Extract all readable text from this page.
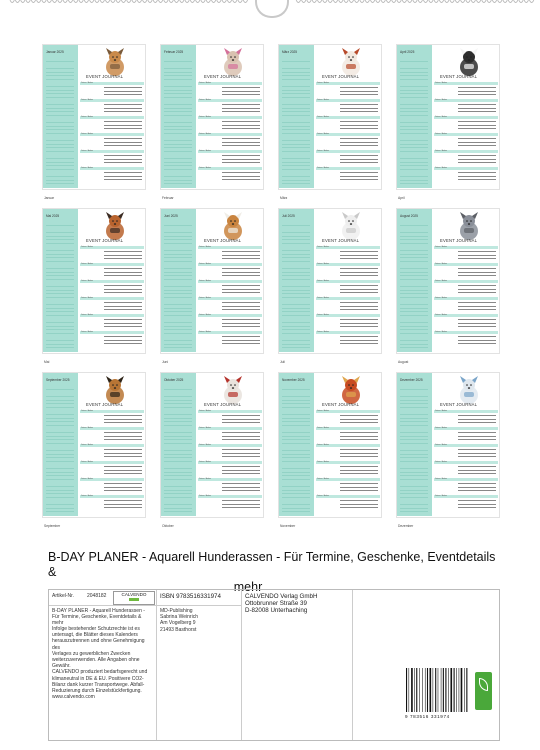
Januar 2025
EVENT JOURNAL
Datum / Anlass
Datum / Anlass
Datum / Anlass
Datum / Anlass
Datum / Anlass
Datum / Anlass
Januar
Februar 2025
EVENT JOURNAL
Datum / Anlass
Datum / Anlass
Datum / Anlass
Datum / Anlass
Datum / Anlass
Datum / Anlass
Februar
März 2025
EVENT JOURNAL
Datum / Anlass
Datum / Anlass
Datum / Anlass
Datum / Anlass
Datum / Anlass
Datum / Anlass
März
April 2025
EVENT JOURNAL
Datum / Anlass
Datum / Anlass
Datum / Anlass
Datum / Anlass
Datum / Anlass
Datum / Anlass
April
Mai 2025
EVENT JOURNAL
Datum / Anlass
Datum / Anlass
Datum / Anlass
Datum / Anlass
Datum / Anlass
Datum / Anlass
Mai
Juni 2025
EVENT JOURNAL
Datum / Anlass
Datum / Anlass
Datum / Anlass
Datum / Anlass
Datum / Anlass
Datum / Anlass
Juni
Juli 2025
EVENT JOURNAL
Datum / Anlass
Datum / Anlass
Datum / Anlass
Datum / Anlass
Datum / Anlass
Datum / Anlass
Juli
August 2025
EVENT JOURNAL
Datum / Anlass
Datum / Anlass
Datum / Anlass
Datum / Anlass
Datum / Anlass
Datum / Anlass
August
September 2025
EVENT JOURNAL
Datum / Anlass
Datum / Anlass
Datum / Anlass
Datum / Anlass
Datum / Anlass
Datum / Anlass
September
Oktober 2025
EVENT JOURNAL
Datum / Anlass
Datum / Anlass
Datum / Anlass
Datum / Anlass
Datum / Anlass
Datum / Anlass
Oktober
November 2025
EVENT JOURNAL
Datum / Anlass
Datum / Anlass
Datum / Anlass
Datum / Anlass
Datum / Anlass
Datum / Anlass
November
Dezember 2025
EVENT JOURNAL
Datum / Anlass
Datum / Anlass
Datum / Anlass
Datum / Anlass
Datum / Anlass
Datum / Anlass
Dezember
B-DAY PLANER - Aquarell Hunderassen - Für Termine, Geschenke, Eventdetails &
mehr
Artikel-Nr.	2048182	CALVENDO
B-DAY PLANER - Aquarell Hunderassen - Für Termine, Geschenke, Eventdetails & mehr
Infolge bestehender Schutzrechte ist es
untersagt, die Blätter dieses Kalenders
herauszutrennen und ohne Genehmigung des
Verlages zu gewerblichen Zwecken
weiterzuverwenden. Alle Angaben ohne
Gewähr.
CALVENDO produziert bedarfsgerecht und
klimaneutral in DE & EU. Positivere CO2-
Bilanz dank kurzer Transportwege. Abfall-
Reduzierung durch Einzelstückfertigung.
www.calvendo.com
ISBN 9783516331974
MD-Publishing
Sabrina Weinrich
Am Vogelberg 9
21493 Basthorst
CALVENDO Verlag GmbH
Ottobrunner Straße 39
D-82008 Unterhaching
9 783516 331974
